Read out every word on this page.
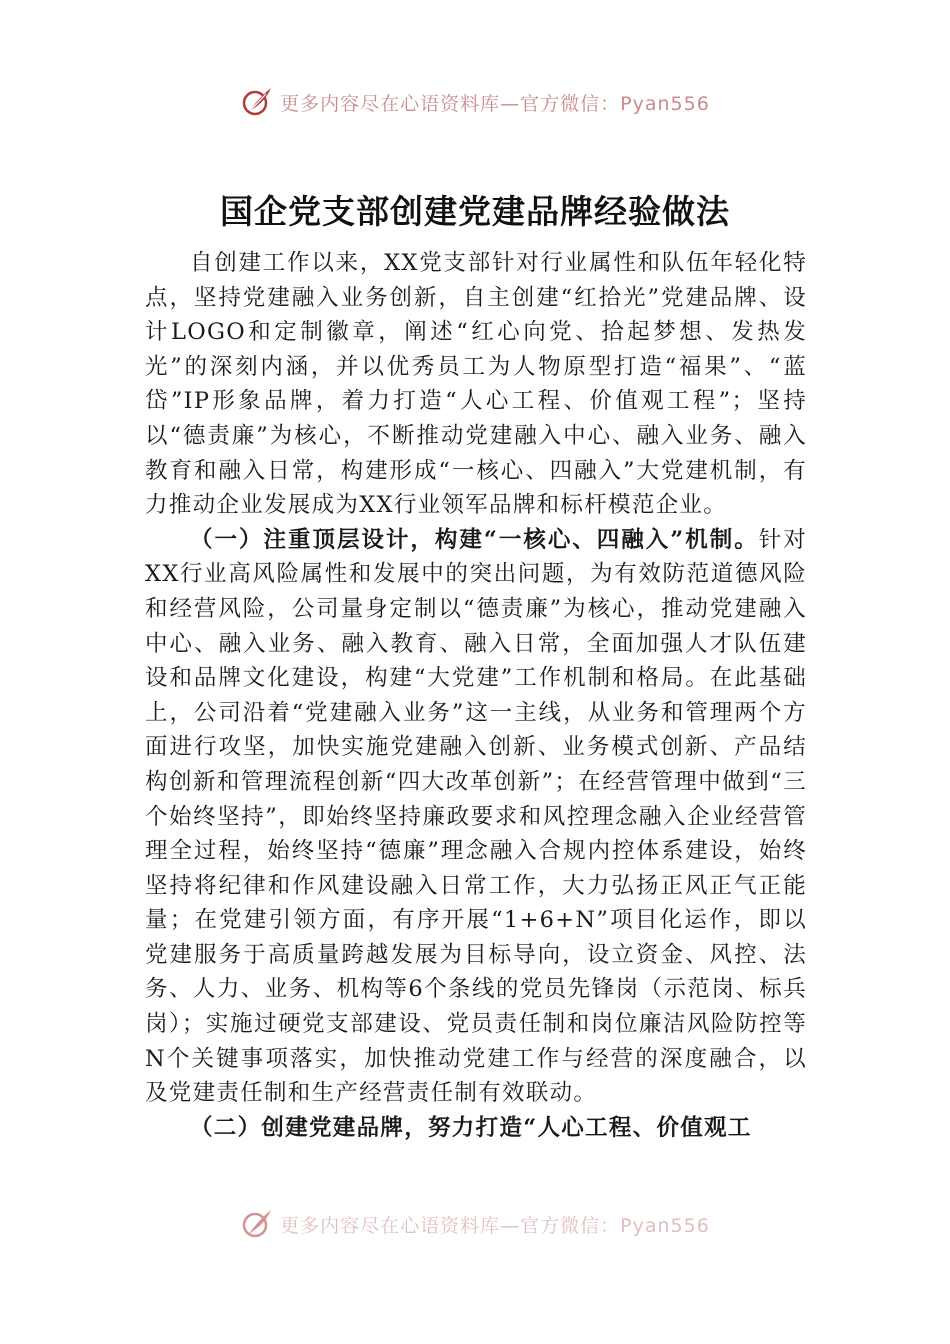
更多内容尽在心语资料库—官方微信：Pyan556
国企党支部创建党建品牌经验做法

自创建工作以来，XX党支部针对行业属性和队伍年轻化特点，坚持党建融入业务创新，自主创建“红拾光”党建品牌、设计LOGO和定制徽章，阐述“红心向党、拾起梦想、发热发光”的深刻内涵，并以优秀员工为人物原型打造“福果”、“蓝岱”IP形象品牌，着力打造“人心工程、价值观工程”；坚持以“德责廉”为核心，不断推动党建融入中心、融入业务、融入教育和融入日常，构建形成“一核心、四融入”大党建机制，有力推动企业发展成为XX行业领军品牌和标杆模范企业。

（一）注重顶层设计，构建“一核心、四融入”机制。针对XX行业高风险属性和发展中的突出问题，为有效防范道德风险和经营风险，公司量身定制以“德责廉”为核心，推动党建融入中心、融入业务、融入教育、融入日常，全面加强人才队伍建设和品牌文化建设，构建“大党建”工作机制和格局。在此基础上，公司沿着“党建融入业务”这一主线，从业务和管理两个方面进行攻坚，加快实施党建融入创新、业务模式创新、产品结构创新和管理流程创新“四大改革创新”；在经营管理中做到“三个始终坚持”，即始终坚持廉政要求和风控理念融入企业经营管理全过程，始终坚持“德廉”理念融入合规内控体系建设，始终坚持将纪律和作风建设融入日常工作，大力弘扬正风正气正能量；在党建引领方面，有序开展“1+6+N”项目化运作，即以党建服务于高质量跨越发展为目标导向，设立资金、风控、法务、人力、业务、机构等6个条线的党员先锋岗（示范岗、标兵岗）；实施过硬党支部建设、党员责任制和岗位廉洁风险防控等N个关键事项落实，加快推动党建工作与经营的深度融合，以及党建责任制和生产经营责任制有效联动。

（二）创建党建品牌，努力打造“人心工程、价值观工

更多内容尽在心语资料库—官方微信：Pyan556
